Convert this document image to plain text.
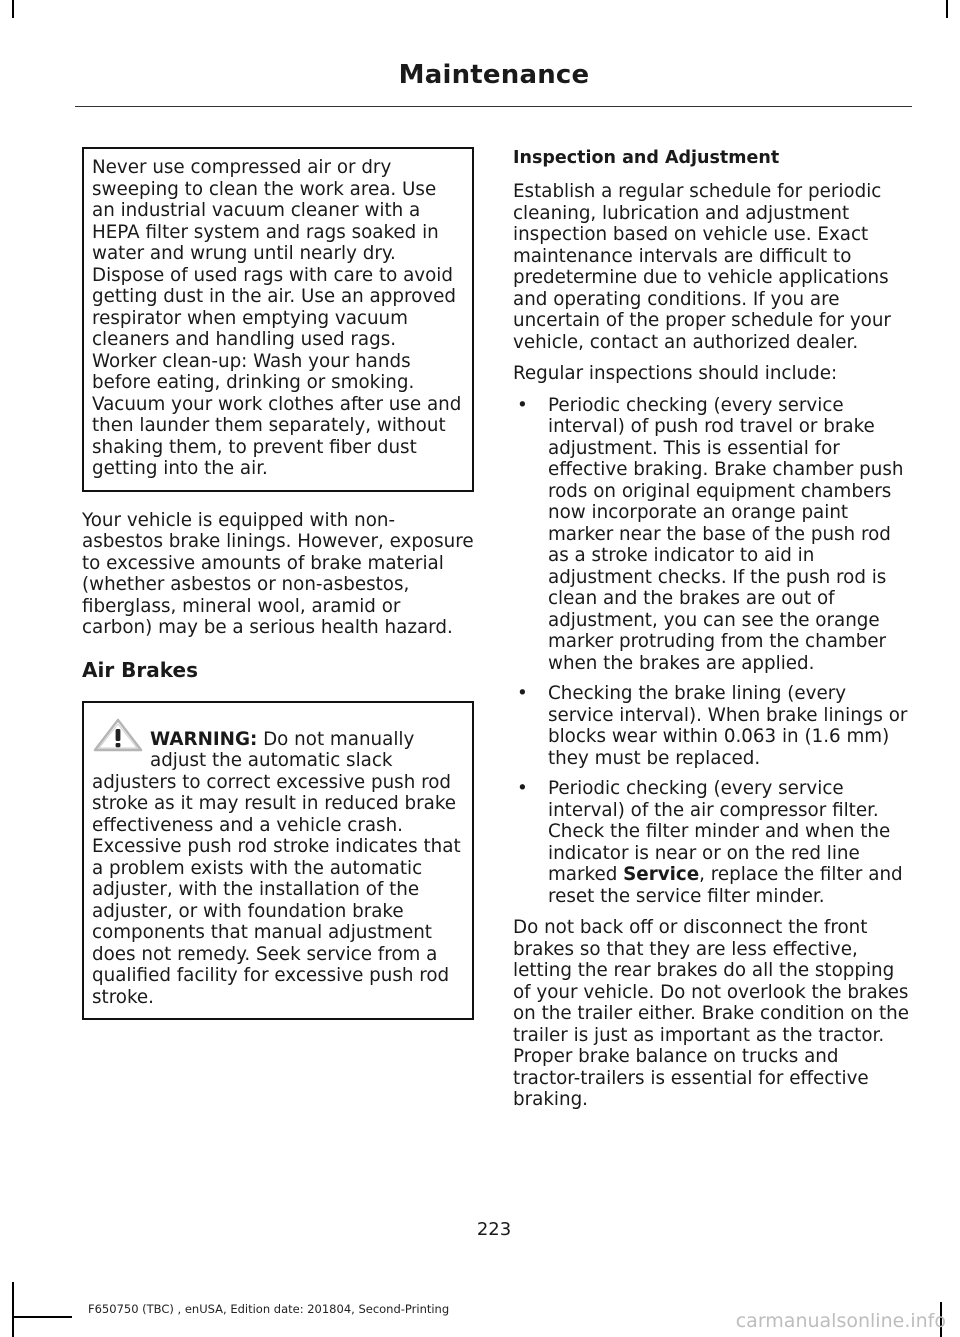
Maintenance

Never use compressed air or dry sweeping to clean the work area. Use an industrial vacuum cleaner with a HEPA filter system and rags soaked in water and wrung until nearly dry. Dispose of used rags with care to avoid getting dust in the air. Use an approved respirator when emptying vacuum cleaners and handling used rags.

Worker clean-up: Wash your hands before eating, drinking or smoking. Vacuum your work clothes after use and then launder them separately, without shaking them, to prevent fiber dust getting into the air.

Your vehicle is equipped with non-asbestos brake linings. However, exposure to excessive amounts of brake material (whether asbestos or non-asbestos, fiberglass, mineral wool, aramid or carbon) may be a serious health hazard.

Air Brakes

WARNING: Do not manually adjust the automatic slack adjusters to correct excessive push rod stroke as it may result in reduced brake effectiveness and a vehicle crash. Excessive push rod stroke indicates that a problem exists with the automatic adjuster, with the installation of the adjuster, or with foundation brake components that manual adjustment does not remedy. Seek service from a qualified facility for excessive push rod stroke.

Inspection and Adjustment

Establish a regular schedule for periodic cleaning, lubrication and adjustment inspection based on vehicle use. Exact maintenance intervals are difficult to predetermine due to vehicle applications and operating conditions. If you are uncertain of the proper schedule for your vehicle, contact an authorized dealer.

Regular inspections should include:

• Periodic checking (every service interval) of push rod travel or brake adjustment. This is essential for effective braking. Brake chamber push rods on original equipment chambers now incorporate an orange paint marker near the base of the push rod as a stroke indicator to aid in adjustment checks. If the push rod is clean and the brakes are out of adjustment, you can see the orange marker protruding from the chamber when the brakes are applied.
• Checking the brake lining (every service interval). When brake linings or blocks wear within 0.063 in (1.6 mm) they must be replaced.
• Periodic checking (every service interval) of the air compressor filter. Check the filter minder and when the indicator is near or on the red line marked Service, replace the filter and reset the service filter minder.

Do not back off or disconnect the front brakes so that they are less effective, letting the rear brakes do all the stopping of your vehicle. Do not overlook the brakes on the trailer either. Brake condition on the trailer is just as important as the tractor. Proper brake balance on trucks and tractor-trailers is essential for effective braking.

223
F650750 (TBC) , enUSA, Edition date: 201804, Second-Printing
carmanualsonline.info
